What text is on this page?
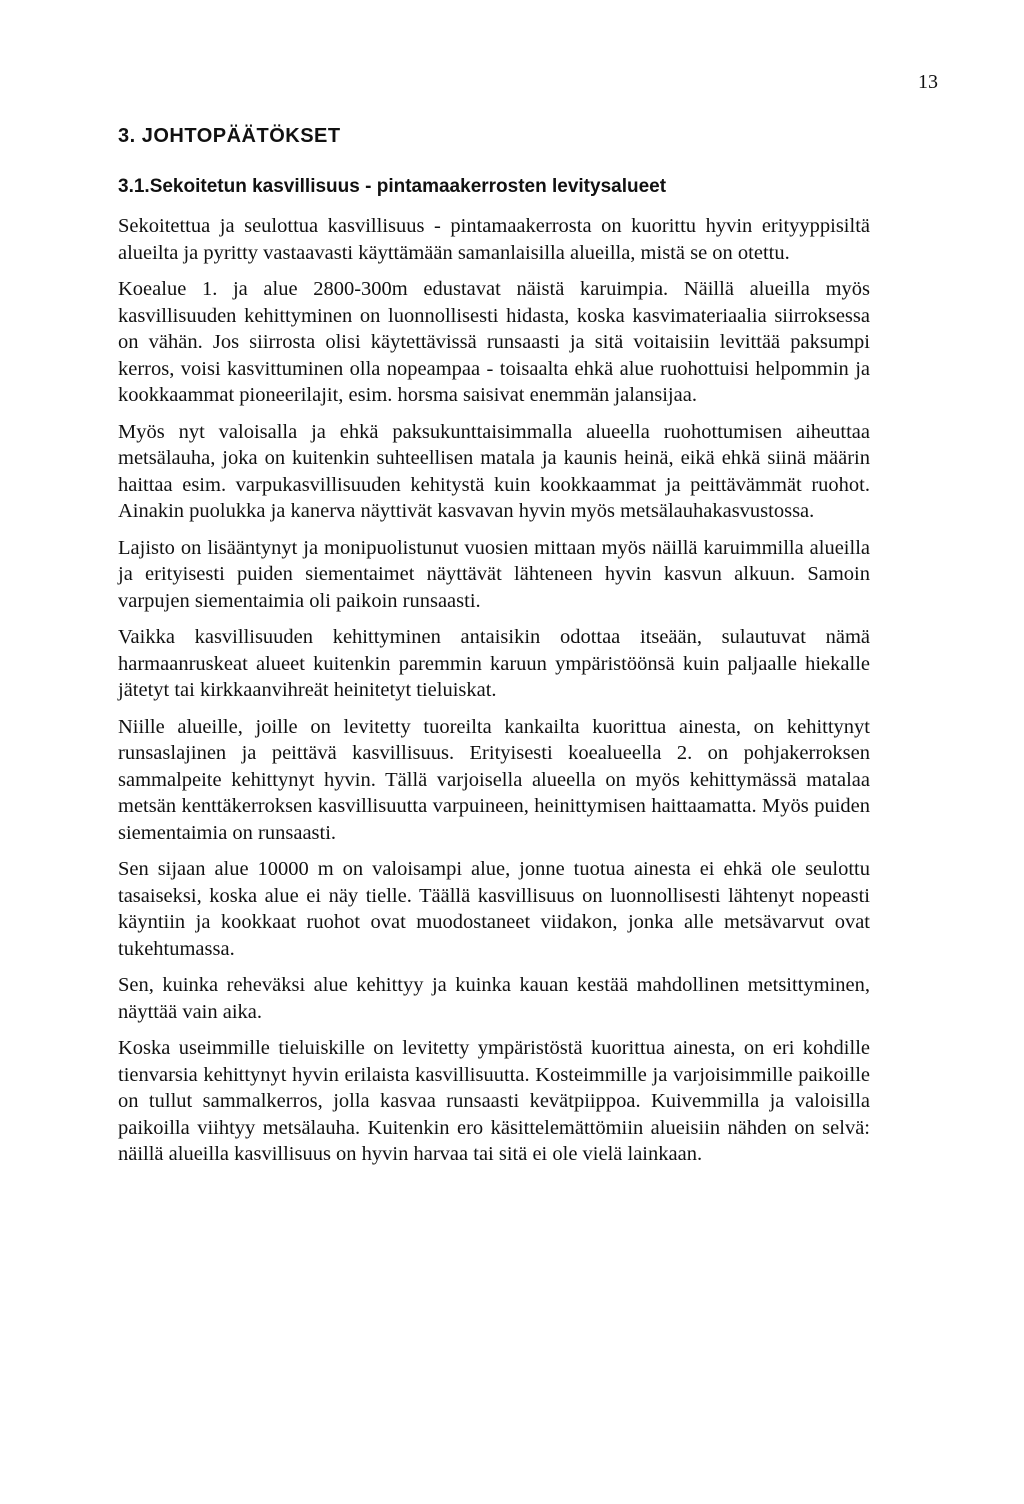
13
3. JOHTOPÄÄTÖKSET
3.1.Sekoitetun kasvillisuus - pintamaakerrosten levitysalueet

Sekoitettua ja seulottua kasvillisuus - pintamaakerrosta on kuorittu hyvin erityyppisiltä alueilta ja pyritty vastaavasti käyttämään samanlaisilla alueilla, mistä se on otettu.

Koealue 1. ja alue 2800-300m edustavat näistä karuimpia. Näillä alueilla myös kasvillisuuden kehittyminen on luonnollisesti hidasta, koska kasvimateriaalia siirroksessa on vähän. Jos siirrosta olisi käytettävissä runsaasti ja sitä voitaisiin levittää paksumpi kerros, voisi kasvittuminen olla nopeampaa - toisaalta ehkä alue ruohottuisi helpommin ja kookkaammat pioneerilajit, esim. horsma saisivat enemmän jalansijaa.

Myös nyt valoisalla ja ehkä paksukunttaisimmalla alueella ruohottumisen aiheuttaa metsälauha, joka on kuitenkin suhteellisen matala ja kaunis heinä, eikä ehkä siinä määrin haittaa esim. varpukasvillisuuden kehitystä kuin kookkaammat ja peittävämmät ruohot. Ainakin puolukka ja kanerva näyttivät kasvavan hyvin myös metsälauhakasvustossa.

Lajisto on lisääntynyt ja monipuolistunut vuosien mittaan myös näillä karuimmilla alueilla ja erityisesti puiden siementaimet näyttävät lähteneen hyvin kasvun alkuun. Samoin varpujen siementaimia oli paikoin runsaasti.

Vaikka kasvillisuuden kehittyminen antaisikin odottaa itseään, sulautuvat nämä harmaanruskeat alueet kuitenkin paremmin karuun ympäristöönsä kuin paljaalle hiekalle jätetyt tai kirkkaanvihreät heinitetyt tieluiskat.

Niille alueille, joille on levitetty tuoreilta kankailta kuorittua ainesta, on kehittynyt runsaslajinen ja peittävä kasvillisuus. Erityisesti koealueella 2. on pohjakerroksen sammalpeite kehittynyt hyvin. Tällä varjoisella alueella on myös kehittymässä matalaa metsän kenttäkerroksen kasvillisuutta varpuineen, heinittymisen haittaamatta. Myös puiden siementaimia on runsaasti.

Sen sijaan alue 10000 m on valoisampi alue, jonne tuotua ainesta ei ehkä ole seulottu tasaiseksi, koska alue ei näy tielle. Täällä kasvillisuus on luonnollisesti lähtenyt nopeasti käyntiin ja kookkaat ruohot ovat muodostaneet viidakon, jonka alle metsävarvut ovat tukehtumassa.

Sen, kuinka reheväksi alue kehittyy ja kuinka kauan kestää mahdollinen metsittyminen, näyttää vain aika.

Koska useimmille tieluiskille on levitetty ympäristöstä kuorittua ainesta, on eri kohdille tienvarsia kehittynyt hyvin erilaista kasvillisuutta. Kosteimmille ja varjoisimmille paikoille on tullut sammalkerros, jolla kasvaa runsaasti kevätpiippoa. Kuivemmilla ja valoisilla paikoilla viihtyy metsälauha. Kuitenkin ero käsittelemättömiin alueisiin nähden on selvä: näillä alueilla kasvillisuus on hyvin harvaa tai sitä ei ole vielä lainkaan.
